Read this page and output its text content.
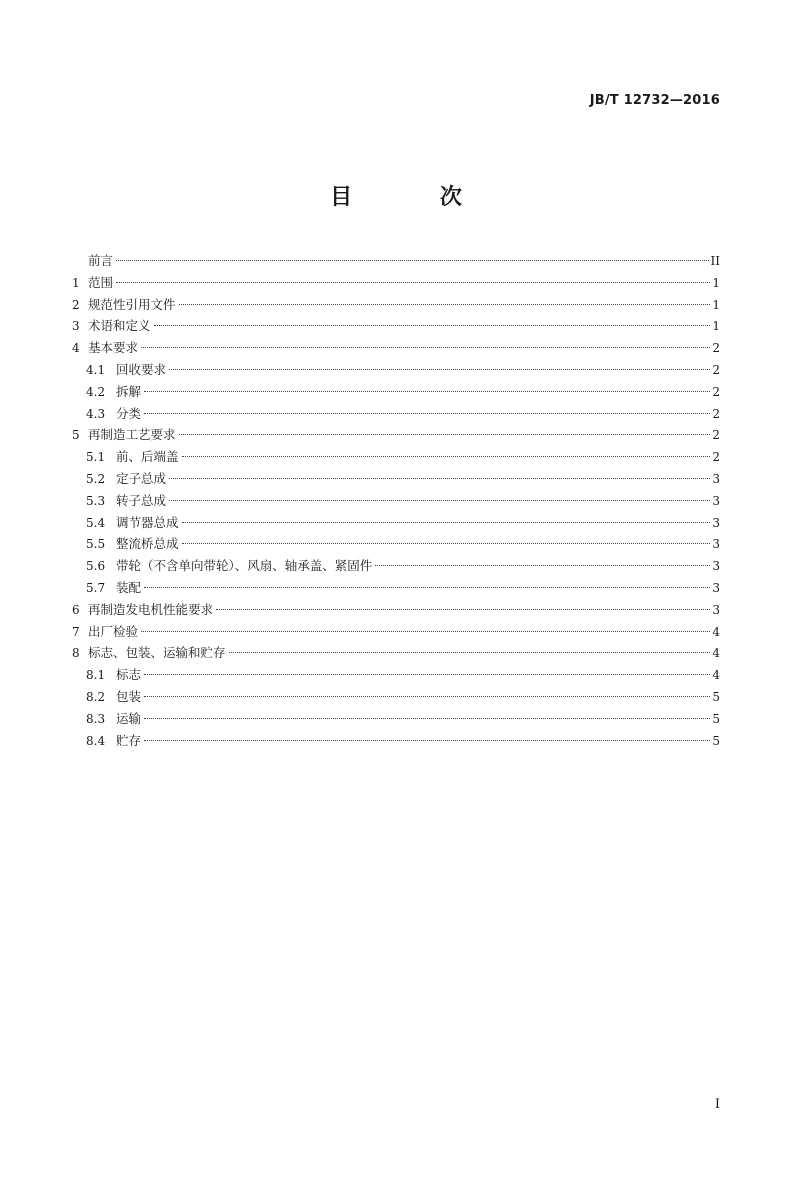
JB/T 12732—2016
目 次
前言	II
1 范围	1
2 规范性引用文件	1
3 术语和定义	1
4 基本要求	2
4.1 回收要求	2
4.2 拆解	2
4.3 分类	2
5 再制造工艺要求	2
5.1 前、后端盖	2
5.2 定子总成	3
5.3 转子总成	3
5.4 调节器总成	3
5.5 整流桥总成	3
5.6 带轮（不含单向带轮）、风扇、轴承盖、紧固件	3
5.7 装配	3
6 再制造发电机性能要求	3
7 出厂检验	4
8 标志、包装、运输和贮存	4
8.1 标志	4
8.2 包装	5
8.3 运输	5
8.4 贮存	5
I
